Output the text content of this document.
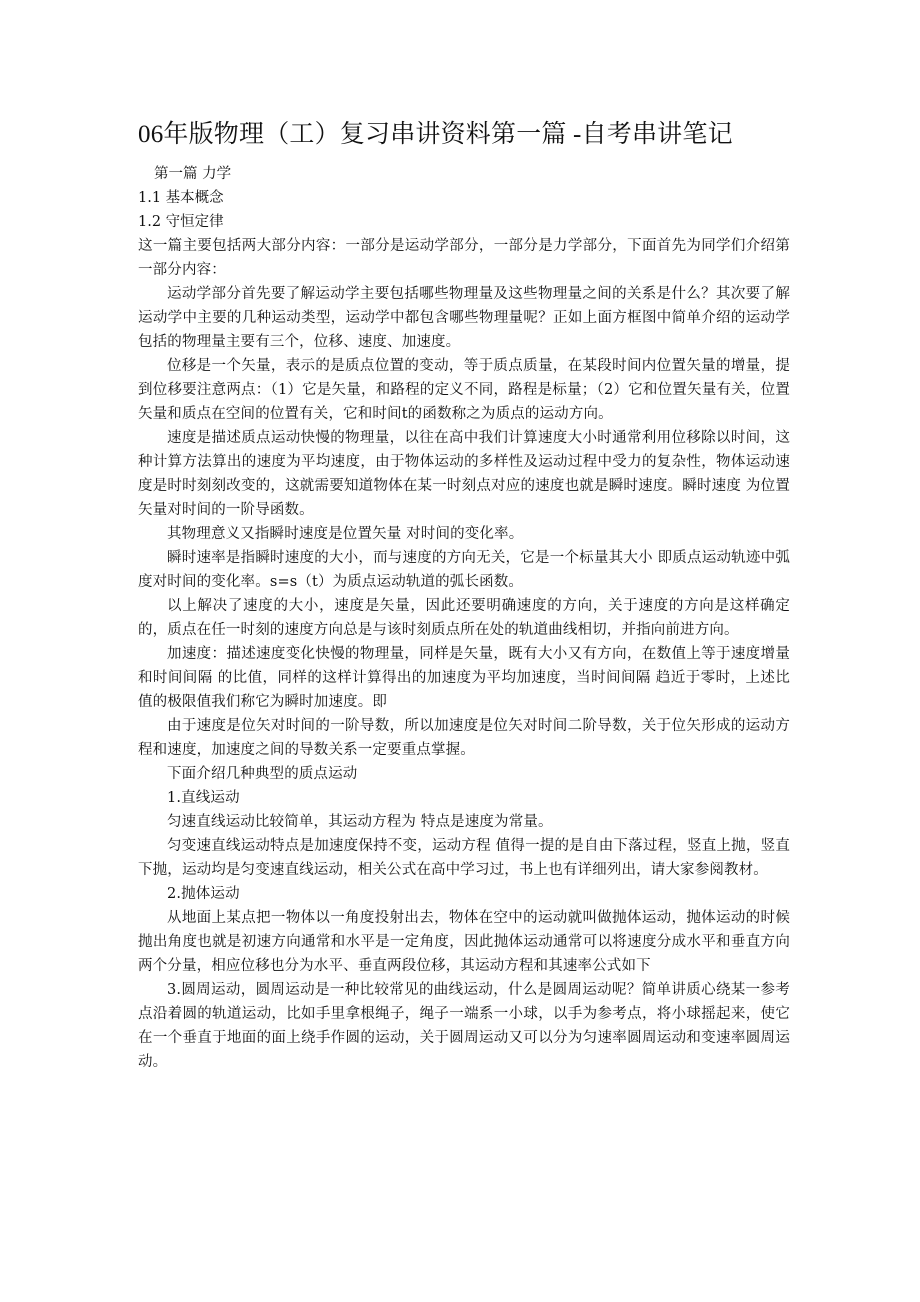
06年版物理（工）复习串讲资料第一篇 -自考串讲笔记
第一篇 力学
1.1 基本概念
1.2 守恒定律

这一篇主要包括两大部分内容：一部分是运动学部分，一部分是力学部分，下面首先为同学们介绍第一部分内容：

运动学部分首先要了解运动学主要包括哪些物理量及这些物理量之间的关系是什么？其次要了解运动学中主要的几种运动类型，运动学中都包含哪些物理量呢？正如上面方框图中简单介绍的运动学包括的物理量主要有三个，位移、速度、加速度。

位移是一个矢量，表示的是质点位置的变动，等于质点质量，在某段时间内位置矢量的增量，提到位移要注意两点：（1）它是矢量，和路程的定义不同，路程是标量；（2）它和位置矢量有关，位置矢量和质点在空间的位置有关，它和时间t的函数称之为质点的运动方向。

速度是描述质点运动快慢的物理量，以往在高中我们计算速度大小时通常利用位移除以时间，这种计算方法算出的速度为平均速度，由于物体运动的多样性及运动过程中受力的复杂性，物体运动速度是时时刻刻改变的，这就需要知道物体在某一时刻点对应的速度也就是瞬时速度。瞬时速度 为位置矢量对时间的一阶导函数。

其物理意义又指瞬时速度是位置矢量 对时间的变化率。

瞬时速率是指瞬时速度的大小，而与速度的方向无关，它是一个标量其大小 即质点运动轨迹中弧度对时间的变化率。s=s（t）为质点运动轨道的弧长函数。

以上解决了速度的大小，速度是矢量，因此还要明确速度的方向，关于速度的方向是这样确定的，质点在任一时刻的速度方向总是与该时刻质点所在处的轨道曲线相切，并指向前进方向。

加速度：描述速度变化快慢的物理量，同样是矢量，既有大小又有方向，在数值上等于速度增量和时间间隔 的比值，同样的这样计算得出的加速度为平均加速度，当时间间隔 趋近于零时，上述比值的极限值我们称它为瞬时加速度。即

由于速度是位矢对时间的一阶导数，所以加速度是位矢对时间二阶导数，关于位矢形成的运动方程和速度，加速度之间的导数关系一定要重点掌握。

下面介绍几种典型的质点运动

1.直线运动

匀速直线运动比较简单，其运动方程为 特点是速度为常量。

匀变速直线运动特点是加速度保持不变，运动方程 值得一提的是自由下落过程，竖直上抛，竖直下抛，运动均是匀变速直线运动，相关公式在高中学习过，书上也有详细列出，请大家参阅教材。

2.抛体运动

从地面上某点把一物体以一角度投射出去，物体在空中的运动就叫做抛体运动，抛体运动的时候抛出角度也就是初速方向通常和水平是一定角度，因此抛体运动通常可以将速度分成水平和垂直方向两个分量，相应位移也分为水平、垂直两段位移，其运动方程和其速率公式如下

3.圆周运动，圆周运动是一种比较常见的曲线运动，什么是圆周运动呢？简单讲质心绕某一参考点沿着圆的轨道运动，比如手里拿根绳子，绳子一端系一小球，以手为参考点，将小球摇起来，使它在一个垂直于地面的面上绕手作圆的运动，关于圆周运动又可以分为匀速率圆周运动和变速率圆周运动。
